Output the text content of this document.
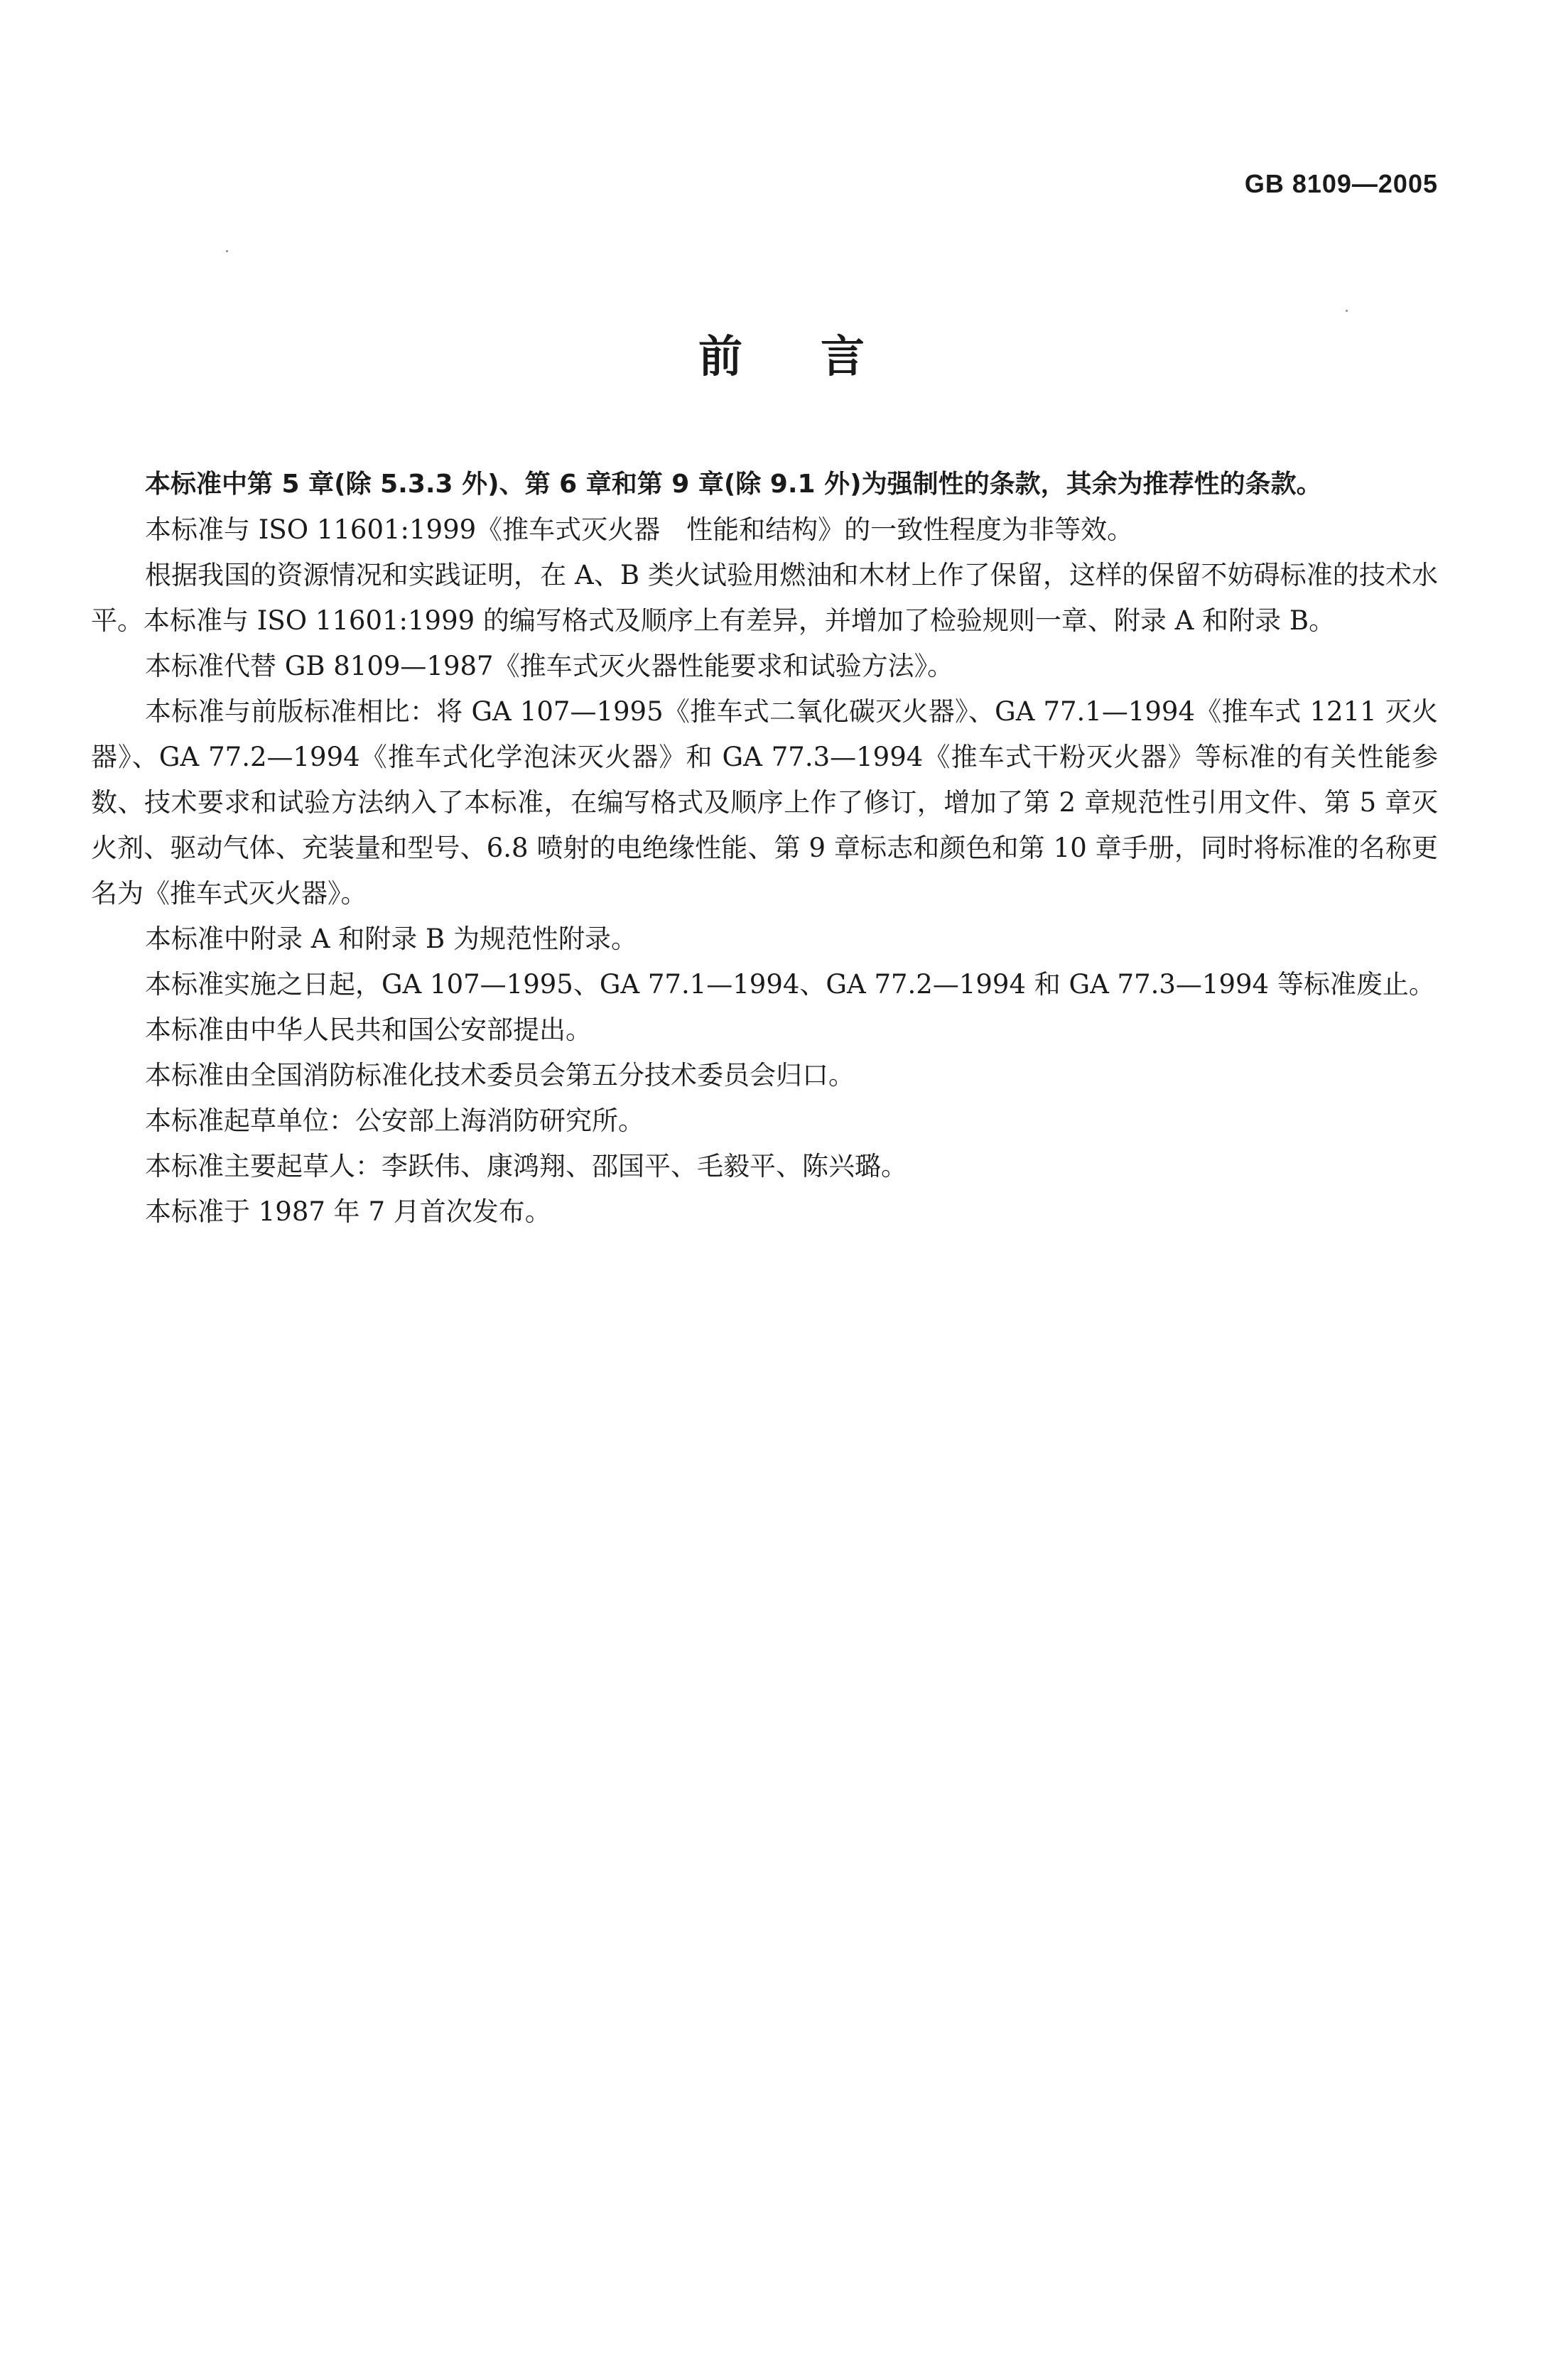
GB 8109—2005
前言

本标准中第 5 章(除 5.3.3 外)、第 6 章和第 9 章(除 9.1 外)为强制性的条款，其余为推荐性的条款。

本标准与 ISO 11601:1999《推车式灭火器　性能和结构》的一致性程度为非等效。

根据我国的资源情况和实践证明，在 A、B 类火试验用燃油和木材上作了保留，这样的保留不妨碍标准的技术水平。本标准与 ISO 11601:1999 的编写格式及顺序上有差异，并增加了检验规则一章、附录 A 和附录 B。

本标准代替 GB 8109—1987《推车式灭火器性能要求和试验方法》。

本标准与前版标准相比：将 GA 107—1995《推车式二氧化碳灭火器》、GA 77.1—1994《推车式 1211 灭火器》、GA 77.2—1994《推车式化学泡沫灭火器》和 GA 77.3—1994《推车式干粉灭火器》等标准的有关性能参数、技术要求和试验方法纳入了本标准，在编写格式及顺序上作了修订，增加了第 2 章规范性引用文件、第 5 章灭火剂、驱动气体、充装量和型号、6.8 喷射的电绝缘性能、第 9 章标志和颜色和第 10 章手册，同时将标准的名称更名为《推车式灭火器》。

本标准中附录 A 和附录 B 为规范性附录。

本标准实施之日起，GA 107—1995、GA 77.1—1994、GA 77.2—1994 和 GA 77.3—1994 等标准废止。

本标准由中华人民共和国公安部提出。

本标准由全国消防标准化技术委员会第五分技术委员会归口。

本标准起草单位：公安部上海消防研究所。

本标准主要起草人：李跃伟、康鸿翔、邵国平、毛毅平、陈兴璐。

本标准于 1987 年 7 月首次发布。
